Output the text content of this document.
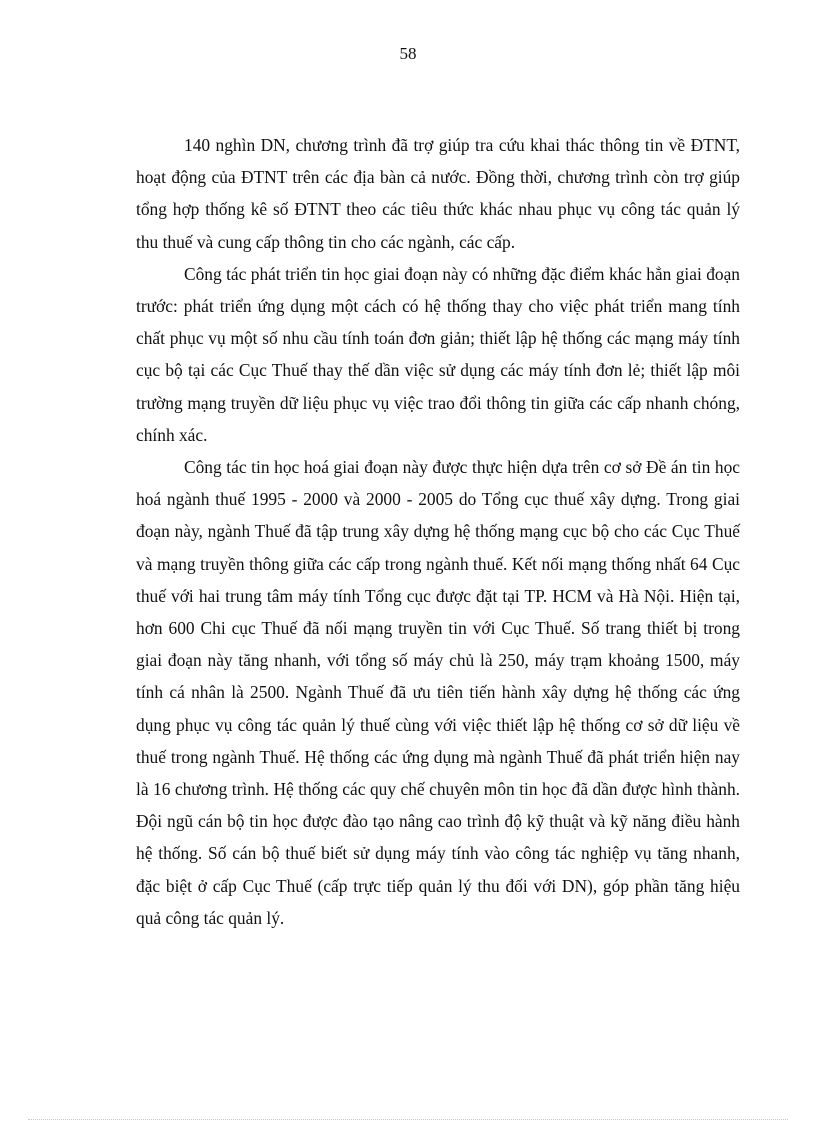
58

140 nghìn DN, chương trình đã trợ giúp tra cứu khai thác thông tin về ĐTNT, hoạt động của ĐTNT trên các địa bàn cả nước. Đồng thời, chương trình còn trợ giúp tổng hợp thống kê số ĐTNT theo các tiêu thức khác nhau phục vụ công tác quản lý thu thuế và cung cấp thông tin cho các ngành, các cấp.

Công tác phát triển tin học giai đoạn này có những đặc điểm khác hẳn giai đoạn trước: phát triển ứng dụng một cách có hệ thống thay cho việc phát triển mang tính chất phục vụ một số nhu cầu tính toán đơn giản; thiết lập hệ thống các mạng máy tính cục bộ tại các Cục Thuế thay thế dần việc sử dụng các máy tính đơn lẻ; thiết lập môi trường mạng truyền dữ liệu phục vụ việc trao đổi thông tin giữa các cấp nhanh chóng, chính xác.

Công tác tin học hoá giai đoạn này được thực hiện dựa trên cơ sở Đề án tin học hoá ngành thuế 1995 - 2000 và 2000 - 2005 do Tổng cục thuế xây dựng. Trong giai đoạn này, ngành Thuế đã tập trung xây dựng hệ thống mạng cục bộ cho các Cục Thuế và mạng truyền thông giữa các cấp trong ngành thuế. Kết nối mạng thống nhất 64 Cục thuế với hai trung tâm máy tính Tổng cục được đặt tại TP. HCM và Hà Nội. Hiện tại, hơn 600 Chi cục Thuế đã nối mạng truyền tin với Cục Thuế. Số trang thiết bị trong giai đoạn này tăng nhanh, với tổng số máy chủ là 250, máy trạm khoảng 1500, máy tính cá nhân là 2500. Ngành Thuế đã ưu tiên tiến hành xây dựng hệ thống các ứng dụng phục vụ công tác quản lý thuế cùng với việc thiết lập hệ thống cơ sở dữ liệu về thuế trong ngành Thuế. Hệ thống các ứng dụng mà ngành Thuế đã phát triển hiện nay là 16 chương trình. Hệ thống các quy chế chuyên môn tin học đã dần được hình thành. Đội ngũ cán bộ tin học được đào tạo nâng cao trình độ kỹ thuật và kỹ năng điều hành hệ thống. Số cán bộ thuế biết sử dụng máy tính vào công tác nghiệp vụ tăng nhanh, đặc biệt ở cấp Cục Thuế (cấp trực tiếp quản lý thu đối với DN), góp phần tăng hiệu quả công tác quản lý.
